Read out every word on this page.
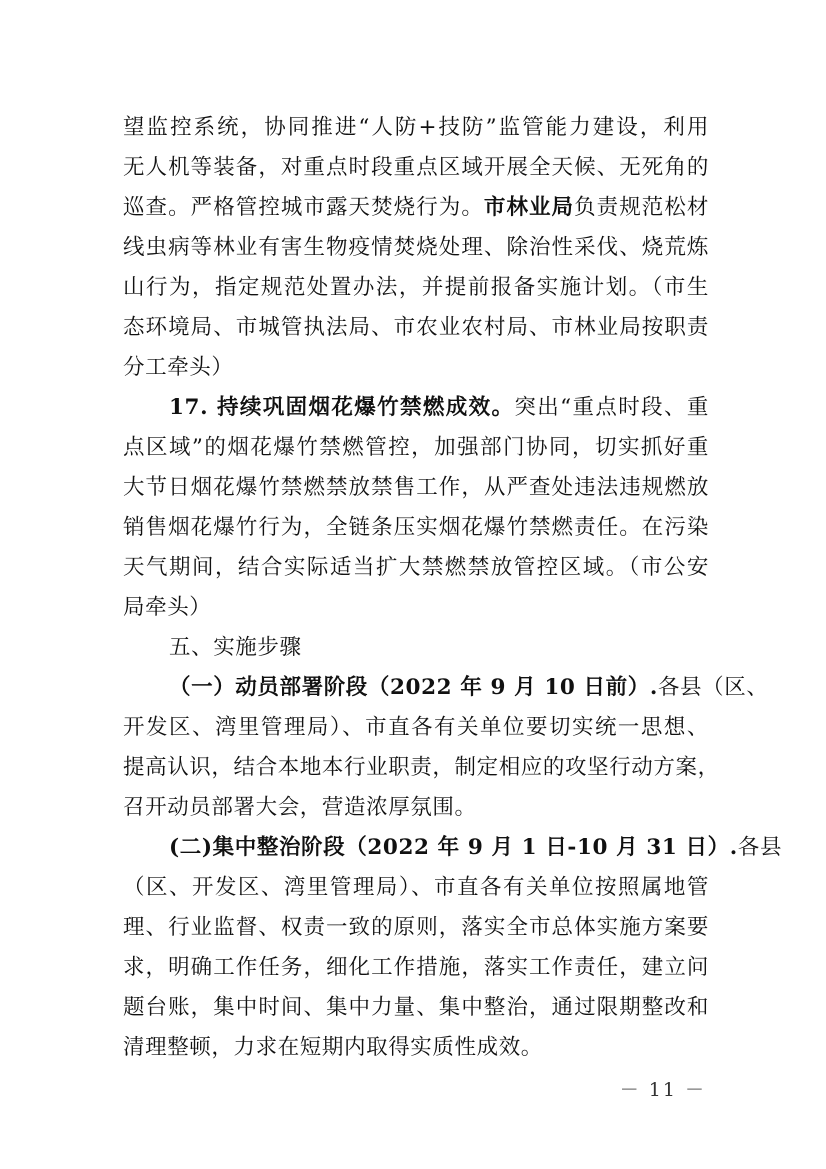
望监控系统，协同推进“人防+技防”监管能力建设，利用
无人机等装备，对重点时段重点区域开展全天候、无死角的
巡查。严格管控城市露天焚烧行为。市林业局负责规范松材
线虫病等林业有害生物疫情焚烧处理、除治性采伐、烧荒炼
山行为，指定规范处置办法，并提前报备实施计划。（市生
态环境局、市城管执法局、市农业农村局、市林业局按职责
分工牵头）

17. 持续巩固烟花爆竹禁燃成效。突出“重点时段、重
点区域”的烟花爆竹禁燃管控，加强部门协同，切实抓好重
大节日烟花爆竹禁燃禁放禁售工作，从严查处违法违规燃放
销售烟花爆竹行为，全链条压实烟花爆竹禁燃责任。在污染
天气期间，结合实际适当扩大禁燃禁放管控区域。（市公安
局牵头）

五、实施步骤

（一）动员部署阶段（2022 年 9 月 10 日前）.各县（区、
开发区、湾里管理局）、市直各有关单位要切实统一思想、
提高认识，结合本地本行业职责，制定相应的攻坚行动方案，
召开动员部署大会，营造浓厚氛围。

(二)集中整治阶段（2022 年 9 月 1 日-10 月 31 日）.各县
（区、开发区、湾里管理局）、市直各有关单位按照属地管
理、行业监督、权责一致的原则，落实全市总体实施方案要
求，明确工作任务，细化工作措施，落实工作责任，建立问
题台账，集中时间、集中力量、集中整治，通过限期整改和
清理整顿，力求在短期内取得实质性成效。

－ 11 －
